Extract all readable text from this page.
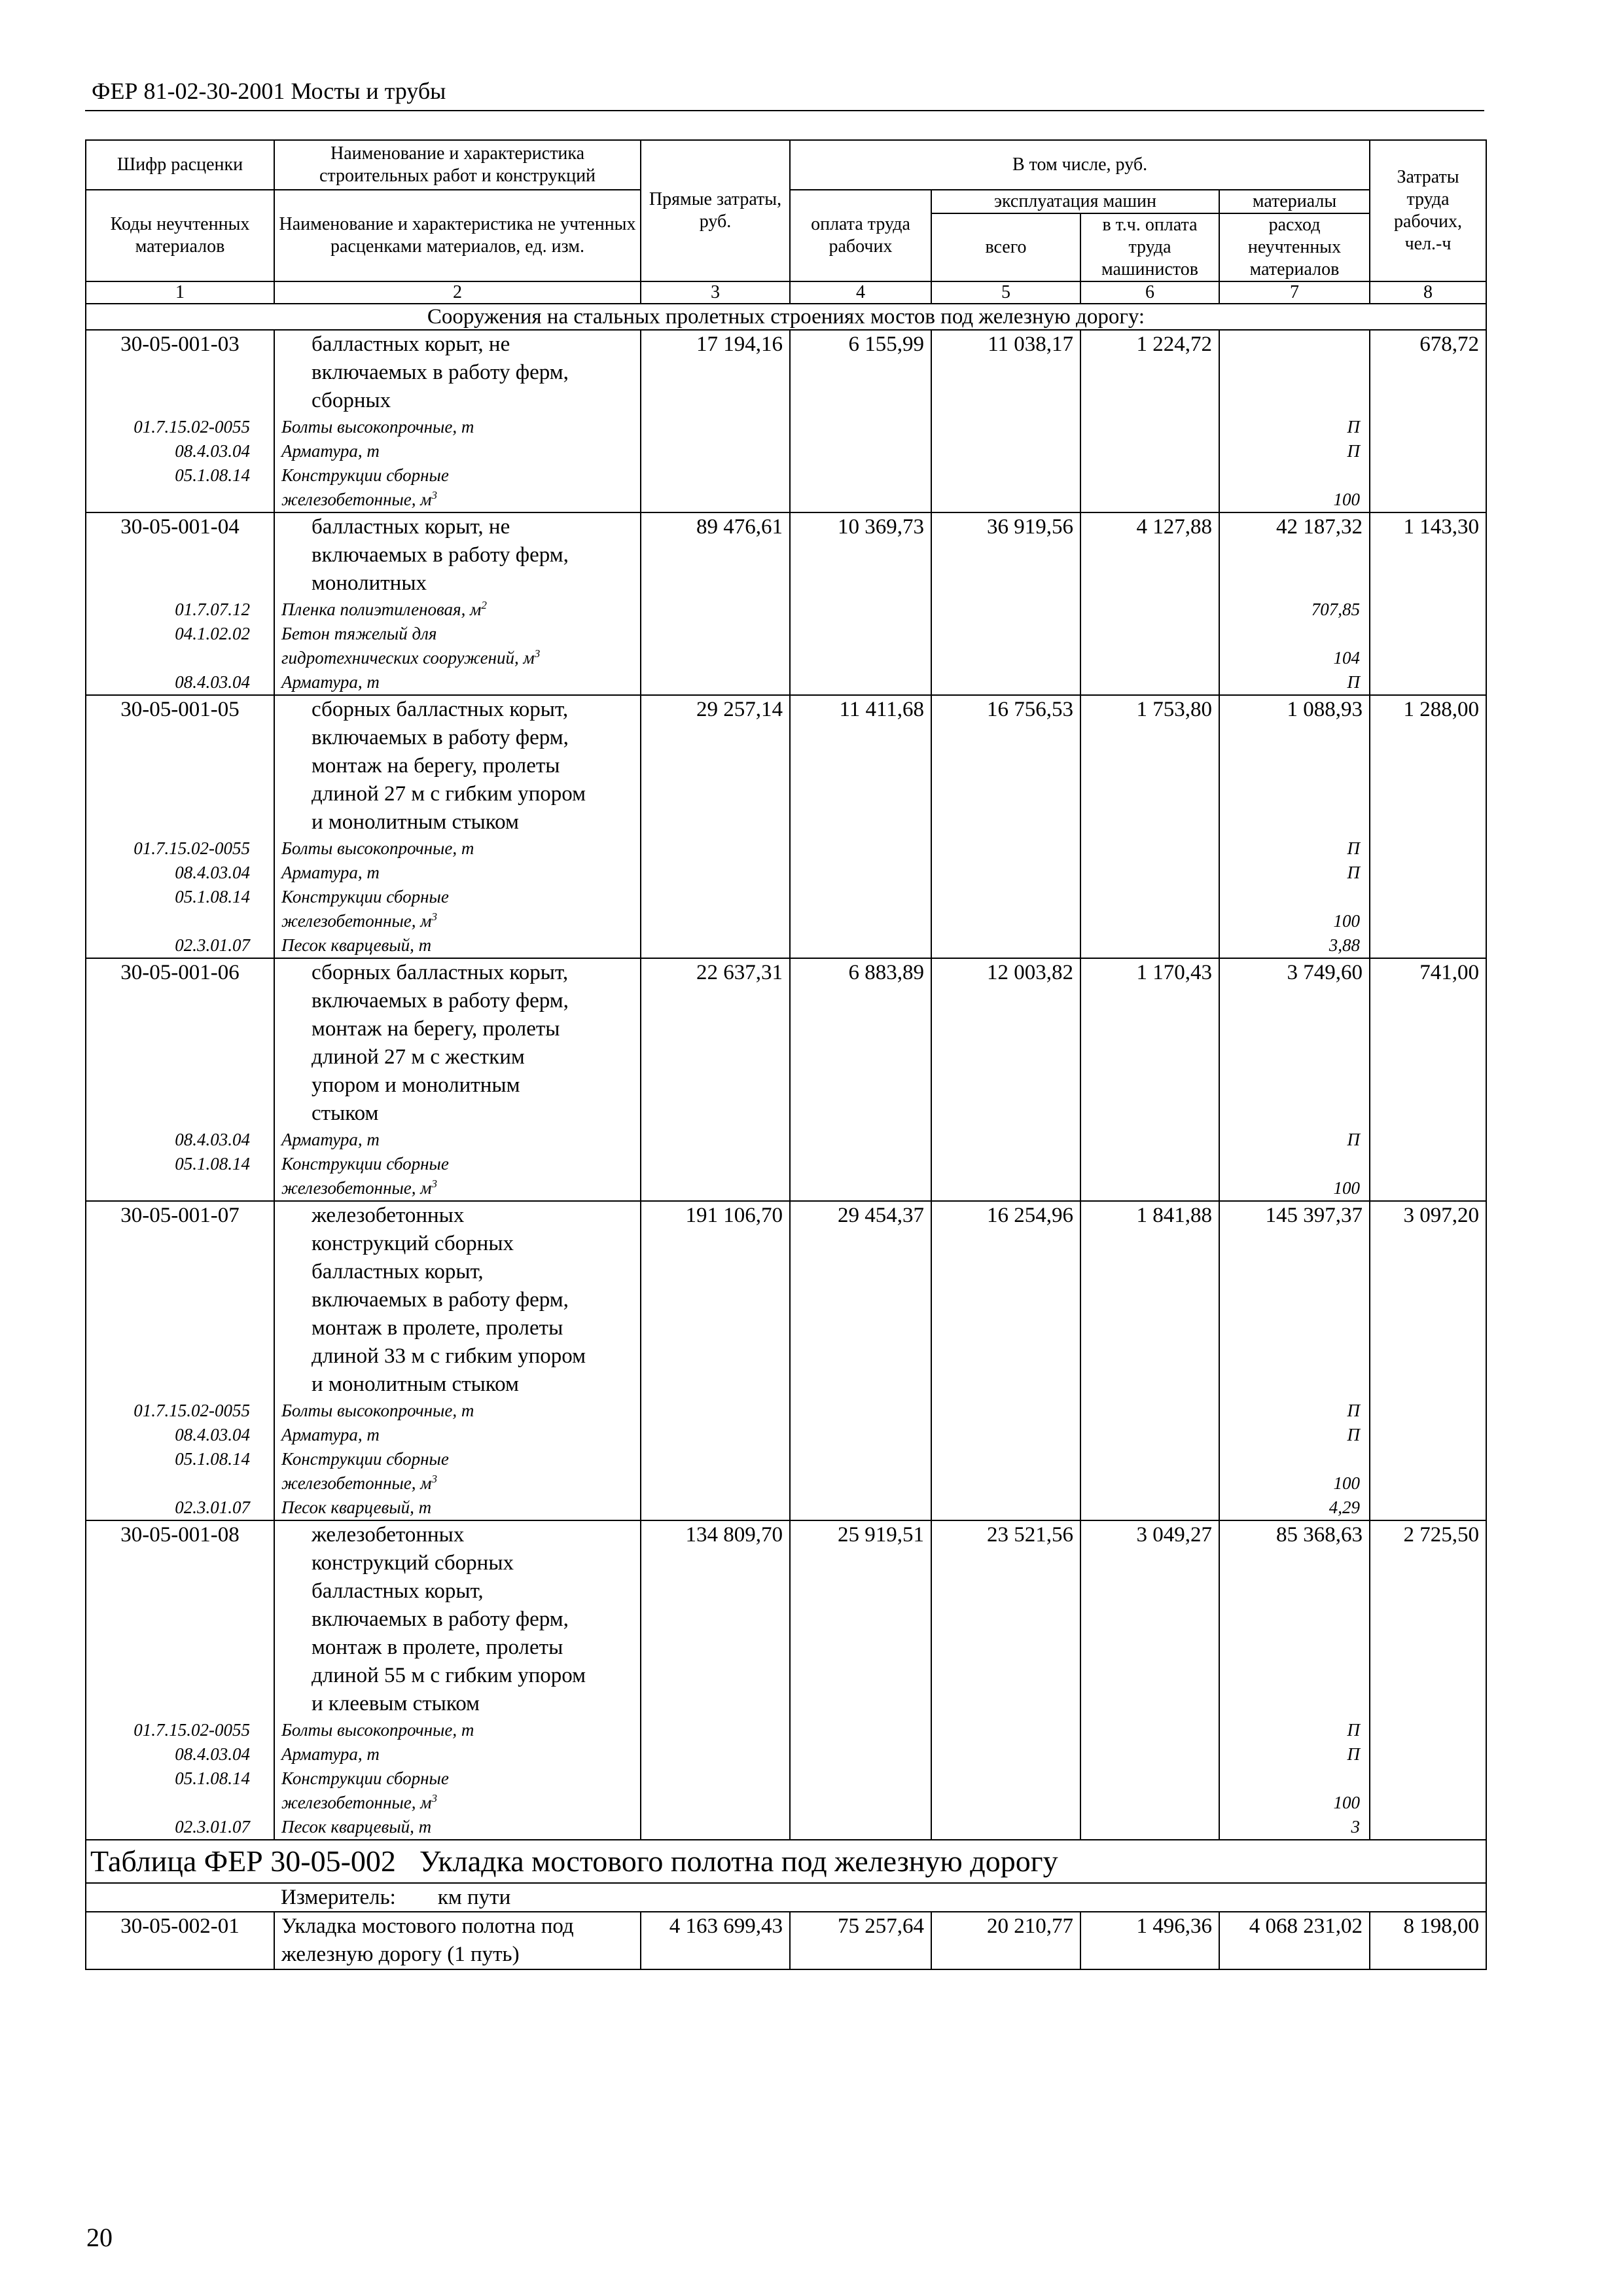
ФЕР 81-02-30-2001 Мосты и трубы
Шифр расценки	Наименование и характеристика строительных работ и конструкций	Прямые затраты, руб.	В том числе, руб.				Затраты труда рабочих, чел.-ч
Коды неучтенных материалов	Наименование и характеристика не учтенных расценками материалов, ед. изм.		оплата труда рабочих	эксплуатация машин		материалы	
				всего	в т.ч. оплата труда машинистов	расход неучтенных материалов	
1	2	3	4	5	6	7	8
Сооружения на стальных пролетных строениях мостов под железную дорогу:							
30-05-001-03	балластных корыт, не	17 194,16	6 155,99	11 038,17	1 224,72		678,72
	включаемых в работу ферм,						
	сборных						
01.7.15.02-0055	Болты высокопрочные, т					П	
08.4.03.04	Арматура, т					П	
05.1.08.14	Конструкции сборные						
	железобетонные, $м^3$					100	
30-05-001-04	балластных корыт, не	89 476,61	10 369,73	36 919,56	4 127,88	42 187,32	1 143,30
	включаемых в работу ферм,						
	монолитных						
01.7.07.12	Пленка полиэтиленовая, $м^2$					707,85	
04.1.02.02	Бетон тяжелый для						
	гидротехнических сооружений, $м^3$					104	
08.4.03.04	Арматура, т					П	
30-05-001-05	сборных балластных корыт,	29 257,14	11 411,68	16 756,53	1 753,80	1 088,93	1 288,00
	включаемых в работу ферм,						
	монтаж на берегу, пролеты						
	длиной 27 м с гибким упором						
	и монолитным стыком						
01.7.15.02-0055	Болты высокопрочные, т					П	
08.4.03.04	Арматура, т					П	
05.1.08.14	Конструкции сборные						
	железобетонные, $м^3$					100	
02.3.01.07	Песок кварцевый, т					3,88	
30-05-001-06	сборных балластных корыт,	22 637,31	6 883,89	12 003,82	1 170,43	3 749,60	741,00
	включаемых в работу ферм,						
	монтаж на берегу, пролеты						
	длиной 27 м с жестким						
	упором и монолитным						
	стыком						
08.4.03.04	Арматура, т					П	
05.1.08.14	Конструкции сборные						
	железобетонные, $м^3$					100	
30-05-001-07	железобетонных	191 106,70	29 454,37	16 254,96	1 841,88	145 397,37	3 097,20
	конструкций сборных						
	балластных корыт,						
	включаемых в работу ферм,						
	монтаж в пролете, пролеты						
	длиной 33 м с гибким упором						
	и монолитным стыком						
01.7.15.02-0055	Болты высокопрочные, т					П	
08.4.03.04	Арматура, т					П	
05.1.08.14	Конструкции сборные						
	железобетонные, $м^3$					100	
02.3.01.07	Песок кварцевый, т					4,29	
30-05-001-08	железобетонных	134 809,70	25 919,51	23 521,56	3 049,27	85 368,63	2 725,50
	конструкций сборных						
	балластных корыт,						
	включаемых в работу ферм,						
	монтаж в пролете, пролеты						
	длиной 55 м с гибким упором						
	и клеевым стыком						
01.7.15.02-0055	Болты высокопрочные, т					П	
08.4.03.04	Арматура, т					П	
05.1.08.14	Конструкции сборные						
	железобетонные, $м^3$					100	
02.3.01.07	Песок кварцевый, т					3	
Таблица ФЕР 30-05-002 Укладка мостового полотна под железную дорогу							
	Измеритель: км пути						
30-05-002-01	Укладка мостового полотна под	4 163 699,43	75 257,64	20 210,77	1 496,36	4 068 231,02	8 198,00
	железную дорогу (1 путь)						
20
